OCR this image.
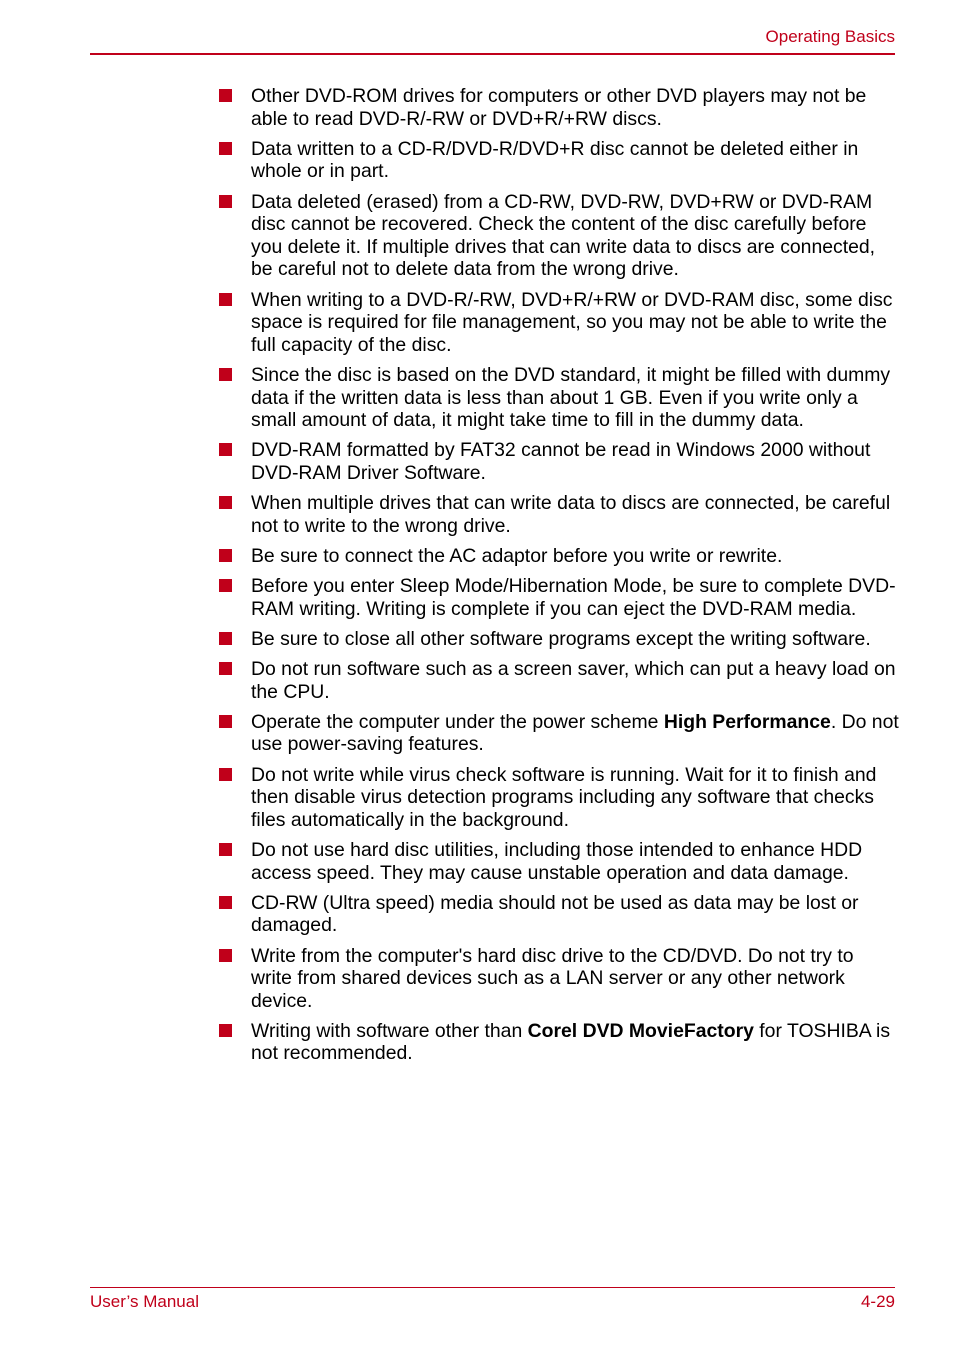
Operating Basics
Other DVD-ROM drives for computers or other DVD players may not be able to read DVD-R/-RW or DVD+R/+RW discs.
Data written to a CD-R/DVD-R/DVD+R disc cannot be deleted either in whole or in part.
Data deleted (erased) from a CD-RW, DVD-RW, DVD+RW or DVD-RAM disc cannot be recovered. Check the content of the disc carefully before you delete it. If multiple drives that can write data to discs are connected, be careful not to delete data from the wrong drive.
When writing to a DVD-R/-RW, DVD+R/+RW or DVD-RAM disc, some disc space is required for file management, so you may not be able to write the full capacity of the disc.
Since the disc is based on the DVD standard, it might be filled with dummy data if the written data is less than about 1 GB. Even if you write only a small amount of data, it might take time to fill in the dummy data.
DVD-RAM formatted by FAT32 cannot be read in Windows 2000 without DVD-RAM Driver Software.
When multiple drives that can write data to discs are connected, be careful not to write to the wrong drive.
Be sure to connect the AC adaptor before you write or rewrite.
Before you enter Sleep Mode/Hibernation Mode, be sure to complete DVD-RAM writing. Writing is complete if you can eject the DVD-RAM media.
Be sure to close all other software programs except the writing software.
Do not run software such as a screen saver, which can put a heavy load on the CPU.
Operate the computer under the power scheme High Performance. Do not use power-saving features.
Do not write while virus check software is running. Wait for it to finish and then disable virus detection programs including any software that checks files automatically in the background.
Do not use hard disc utilities, including those intended to enhance HDD access speed. They may cause unstable operation and data damage.
CD-RW (Ultra speed) media should not be used as data may be lost or damaged.
Write from the computer's hard disc drive to the CD/DVD. Do not try to write from shared devices such as a LAN server or any other network device.
Writing with software other than Corel DVD MovieFactory for TOSHIBA is not recommended.
User’s Manual	4-29
